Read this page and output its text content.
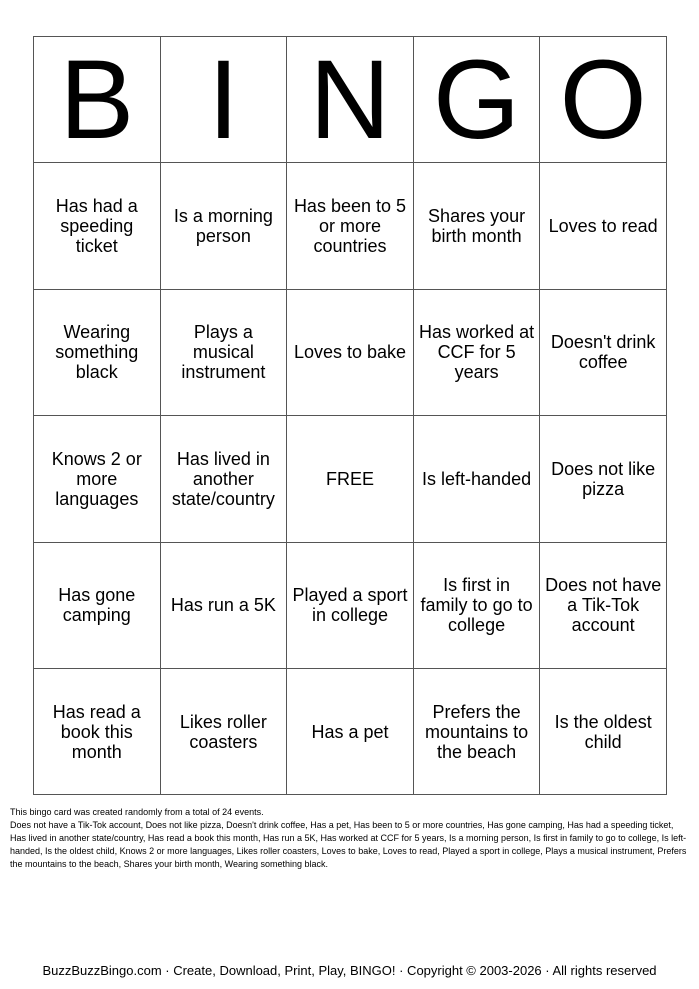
B	I	N	G	O
Has had a speeding ticket	Is a morning person	Has been to 5 or more countries	Shares your birth month	Loves to read
Wearing something black	Plays a musical instrument	Loves to bake	Has worked at CCF for 5 years	Doesn't drink coffee
Knows 2 or more languages	Has lived in another state/country	FREE	Is left-handed	Does not like pizza
Has gone camping	Has run a 5K	Played a sport in college	Is first in family to go to college	Does not have a Tik-Tok account
Has read a book this month	Likes roller coasters	Has a pet	Prefers the mountains to the beach	Is the oldest child

This bingo card was created randomly from a total of 24 events.

Does not have a Tik-Tok account, Does not like pizza, Doesn't drink coffee, Has a pet, Has been to 5 or more countries, Has gone camping, Has had a speeding ticket, Has lived in another state/country, Has read a book this month, Has run a 5K, Has worked at CCF for 5 years, Is a morning person, Is first in family to go to college, Is left-handed, Is the oldest child, Knows 2 or more languages, Likes roller coasters, Loves to bake, Loves to read, Played a sport in college, Plays a musical instrument, Prefers the mountains to the beach, Shares your birth month, Wearing something black.

BuzzBuzzBingo.com · Create, Download, Print, Play, BINGO! · Copyright © 2003-2026 · All rights reserved
